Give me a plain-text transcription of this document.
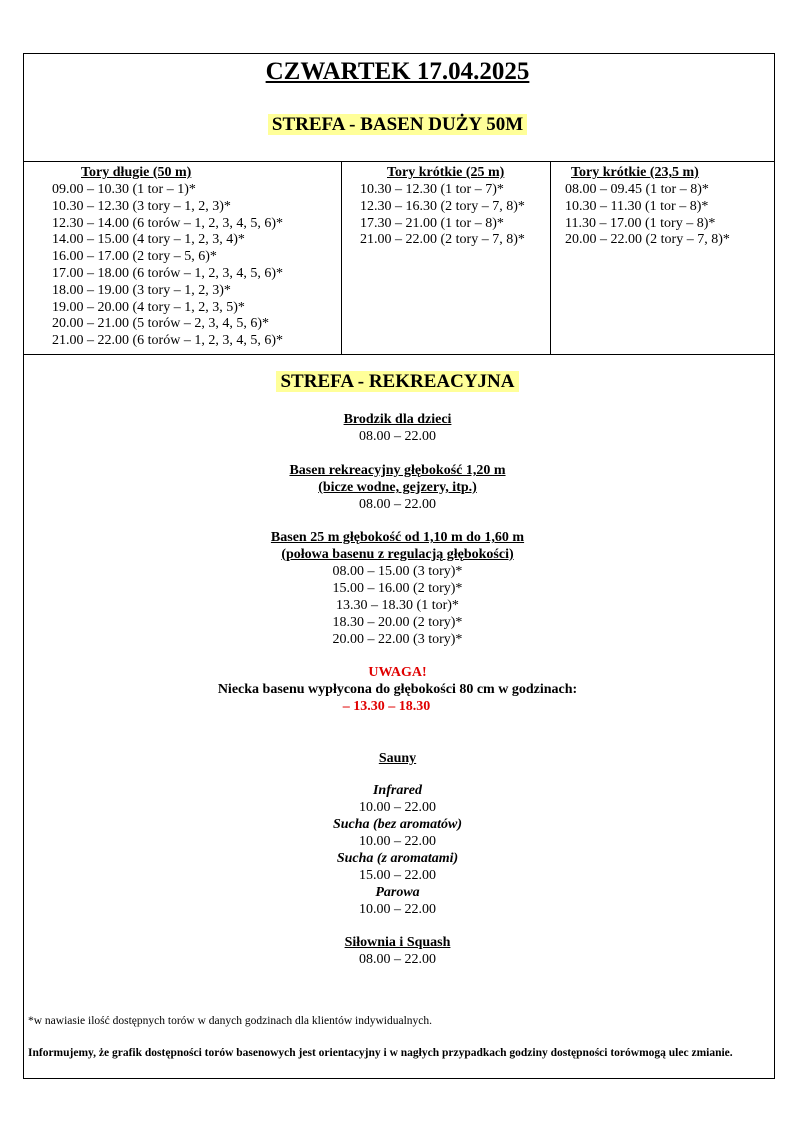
CZWARTEK 17.04.2025
STREFA - BASEN DUŻY 50M
Tory długie (50 m)
09.00 – 10.30 (1 tor – 1)*
10.30 – 12.30 (3 tory – 1, 2, 3)*
12.30 – 14.00 (6 torów – 1, 2, 3, 4, 5, 6)*
14.00 – 15.00 (4 tory – 1, 2, 3, 4)*
16.00 – 17.00 (2 tory – 5, 6)*
17.00 – 18.00 (6 torów – 1, 2, 3, 4, 5, 6)*
18.00 – 19.00 (3 tory – 1, 2, 3)*
19.00 – 20.00 (4 tory – 1, 2, 3, 5)*
20.00 – 21.00 (5 torów – 2, 3, 4, 5, 6)*
21.00 – 22.00 (6 torów – 1, 2, 3, 4, 5, 6)*
Tory krótkie (25 m)
10.30 – 12.30 (1 tor – 7)*
12.30 – 16.30 (2 tory – 7, 8)*
17.30 – 21.00 (1 tor – 8)*
21.00 – 22.00 (2 tory – 7, 8)*
Tory krótkie (23,5 m)
08.00 – 09.45 (1 tor – 8)*
10.30 – 11.30 (1 tor – 8)*
11.30 – 17.00 (1 tory – 8)*
20.00 – 22.00 (2 tory – 7, 8)*
STREFA - REKREACYJNA
Brodzik dla dzieci
08.00 – 22.00
Basen rekreacyjny głębokość 1,20 m
(bicze wodne, gejzery, itp.)
08.00 – 22.00
Basen 25 m głębokość od 1,10 m do 1,60 m
(połowa basenu z regulacją głębokości)
08.00 – 15.00 (3 tory)*
15.00 – 16.00 (2 tory)*
13.30 – 18.30 (1 tor)*
18.30 – 20.00 (2 tory)*
20.00 – 22.00 (3 tory)*
UWAGA!
Niecka basenu wypłycona do głębokości 80 cm w godzinach:
– 13.30 – 18.30
Sauny
Infrared
10.00 – 22.00
Sucha (bez aromatów)
10.00 – 22.00
Sucha (z aromatami)
15.00 – 22.00
Parowa
10.00 – 22.00
Siłownia i Squash
08.00 – 22.00
*w nawiasie ilość dostępnych torów w danych godzinach dla klientów indywidualnych.
Informujemy, że grafik dostępności torów basenowych jest orientacyjny i w nagłych przypadkach godziny dostępności torówmogą ulec zmianie.
